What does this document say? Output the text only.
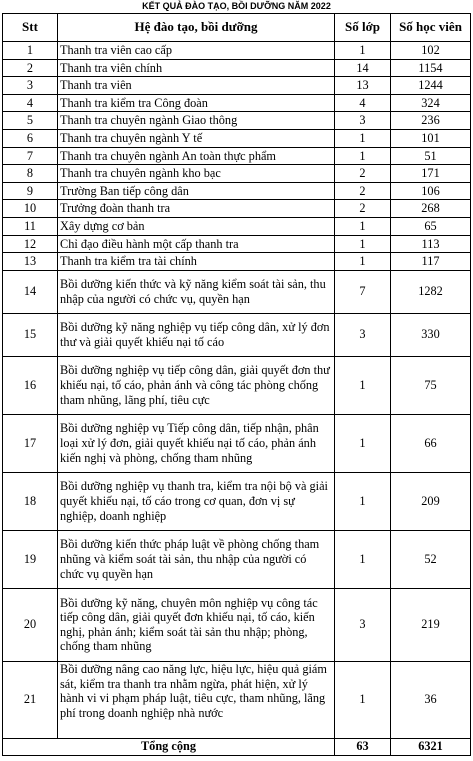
KẾT QUẢ ĐÀO TẠO, BỒI DƯỠNG NĂM 2022
Stt	Hệ đào tạo, bồi dưỡng	Số lớp	Số học viên
1	Thanh tra viên cao cấp	1	102
2	Thanh tra viên chính	14	1154
3	Thanh tra viên	13	1244
4	Thanh tra kiểm tra Công đoàn	4	324
5	Thanh tra chuyên ngành Giao thông	3	236
6	Thanh tra chuyên ngành Y tế	1	101
7	Thanh tra chuyên ngành An toàn thực phẩm	1	51
8	Thanh tra chuyên ngành kho bạc	2	171
9	Trường Ban tiếp công dân	2	106
10	Trưởng đoàn thanh tra	2	268
11	Xây dựng cơ bản	1	65
12	Chỉ đạo điều hành một cấp thanh tra	1	113
13	Thanh tra kiểm tra tài chính	1	117
14	Bồi dưỡng kiến thức và kỹ năng kiểm soát tài sản, thu nhập của người có chức vụ, quyền hạn	7	1282
15	Bồi dưỡng kỹ năng nghiệp vụ tiếp công dân, xử lý đơn thư và giải quyết khiếu nại tố cáo	3	330
16	Bồi dưỡng nghiệp vụ tiếp công dân, giải quyết đơn thư khiếu nại, tố cáo, phản ánh và công tác phòng chống tham nhũng, lãng phí, tiêu cực	1	75
17	Bồi dưỡng nghiệp vụ Tiếp công dân, tiếp nhận, phân loại xử lý đơn, giải quyết khiếu nại tố cáo, phản ánh kiến nghị và phòng, chống tham nhũng	1	66
18	Bồi dưỡng nghiệp vụ thanh tra, kiểm tra nội bộ và giải quyết khiếu nại, tố cáo trong cơ quan, đơn vị sự nghiệp, doanh nghiệp	1	209
19	Bồi dưỡng kiến thức pháp luật về phòng chống tham nhũng và kiểm soát tài sản, thu nhập của người có chức vụ quyền hạn	1	52
20	Bồi dưỡng kỹ năng, chuyên môn nghiệp vụ công tác tiếp công dân, giải quyết đơn khiếu nại, tố cáo, kiến nghị, phản ánh; kiểm soát tài sản thu nhập; phòng, chống tham nhũng	3	219
21	Bồi dưỡng nâng cao năng lực, hiệu lực, hiệu quả giám sát, kiểm tra thanh tra nhằm ngừa, phát hiện, xử lý hành vi vi phạm pháp luật, tiêu cực, tham nhũng, lãng phí trong doanh nghiệp nhà nước	1	36
Tổng cộng		63	6321
